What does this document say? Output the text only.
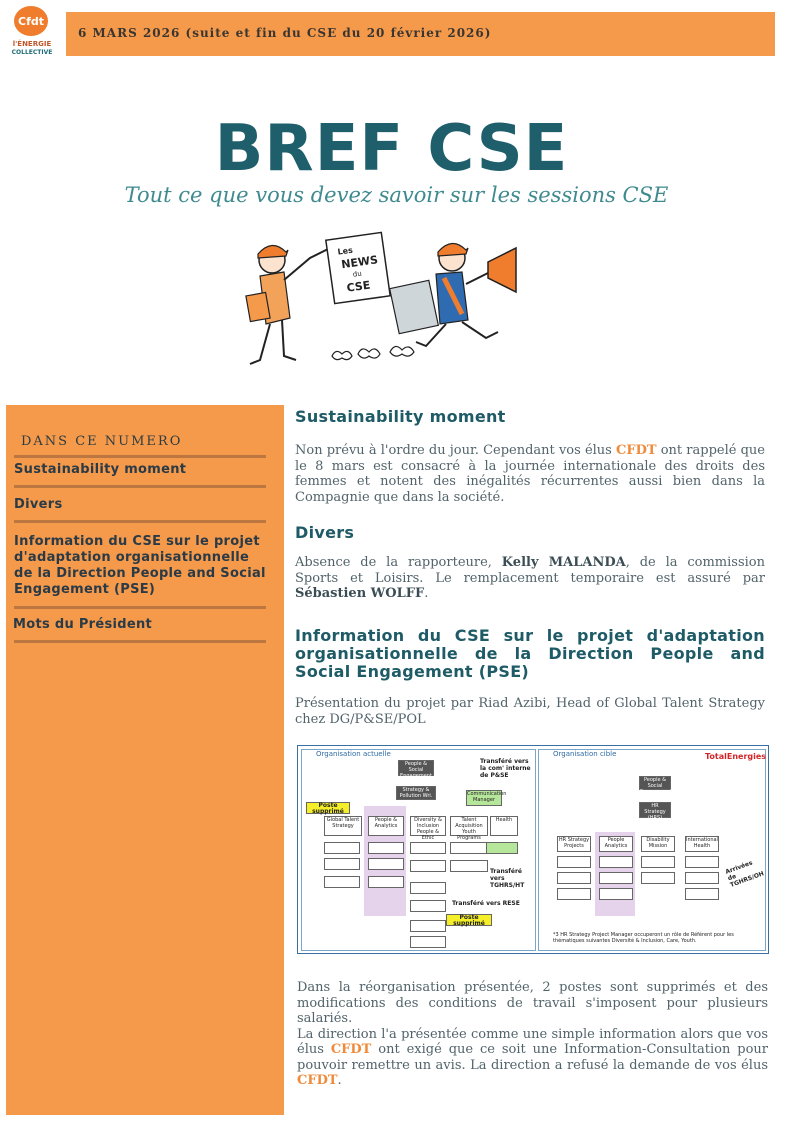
Cfdt
l'ÉNERGIE
COLLECTIVE
6 MARS 2026 (suite et fin du CSE du 20 février 2026)
BREF CSE
Tout ce que vous devez savoir sur les sessions CSE
Les
NEWS
du
CSE
DANS CE NUMERO
Sustainability moment
Divers
Information du CSE sur le projet d'adaptation organisationnelle de la Direction People and Social Engagement (PSE)
Mots du Président
Sustainability moment
Non prévu à l'ordre du jour. Cependant vos élus CFDT ont rappelé que le 8 mars est consacré à la journée internationale des droits des femmes et notent des inégalités récurrentes aussi bien dans la Compagnie que dans la société.
Divers
Absence de la rapporteure, Kelly MALANDA, de la commission Sports et Loisirs. Le remplacement temporaire est assuré par Sébastien WOLFF.
Information du CSE sur le projet d'adaptation organisationnelle de la Direction People and Social Engagement (PSE)
Présentation du projet par Riad Azibi, Head of Global Talent Strategy chez DG/P&SE/POL
Organisation actuelle
People & Social Engagement
Strategy & Pollution Wri.
Global Talent Strategy
People & Analytics
Diversity & Inclusion People & Ethic
Talent Acquisition Youth Programs
Health
Communication Manager
Poste supprimé
Poste supprimé
Transféré vers la com' interne de P&SE
Transféré vers TGHRS/HT
Transféré vers RESE
Organisation cible	TotalEnergies
People & Social Engagement
HR Strategy (HRS)
HR Strategy Projects
People Analytics
Disability Mission
International Health
Arrivées de TGHRS/OH
*3 HR Strategy Project Manager occuperont un rôle de Référent pour les thématiques suivantes Diversité & Inclusion, Care, Youth.
Dans la réorganisation présentée, 2 postes sont supprimés et des modifications des conditions de travail s'imposent pour plusieurs salariés.
La direction l'a présentée comme une simple information alors que vos élus CFDT ont exigé que ce soit une Information-Consultation pour pouvoir remettre un avis. La direction a refusé la demande de vos élus CFDT.
